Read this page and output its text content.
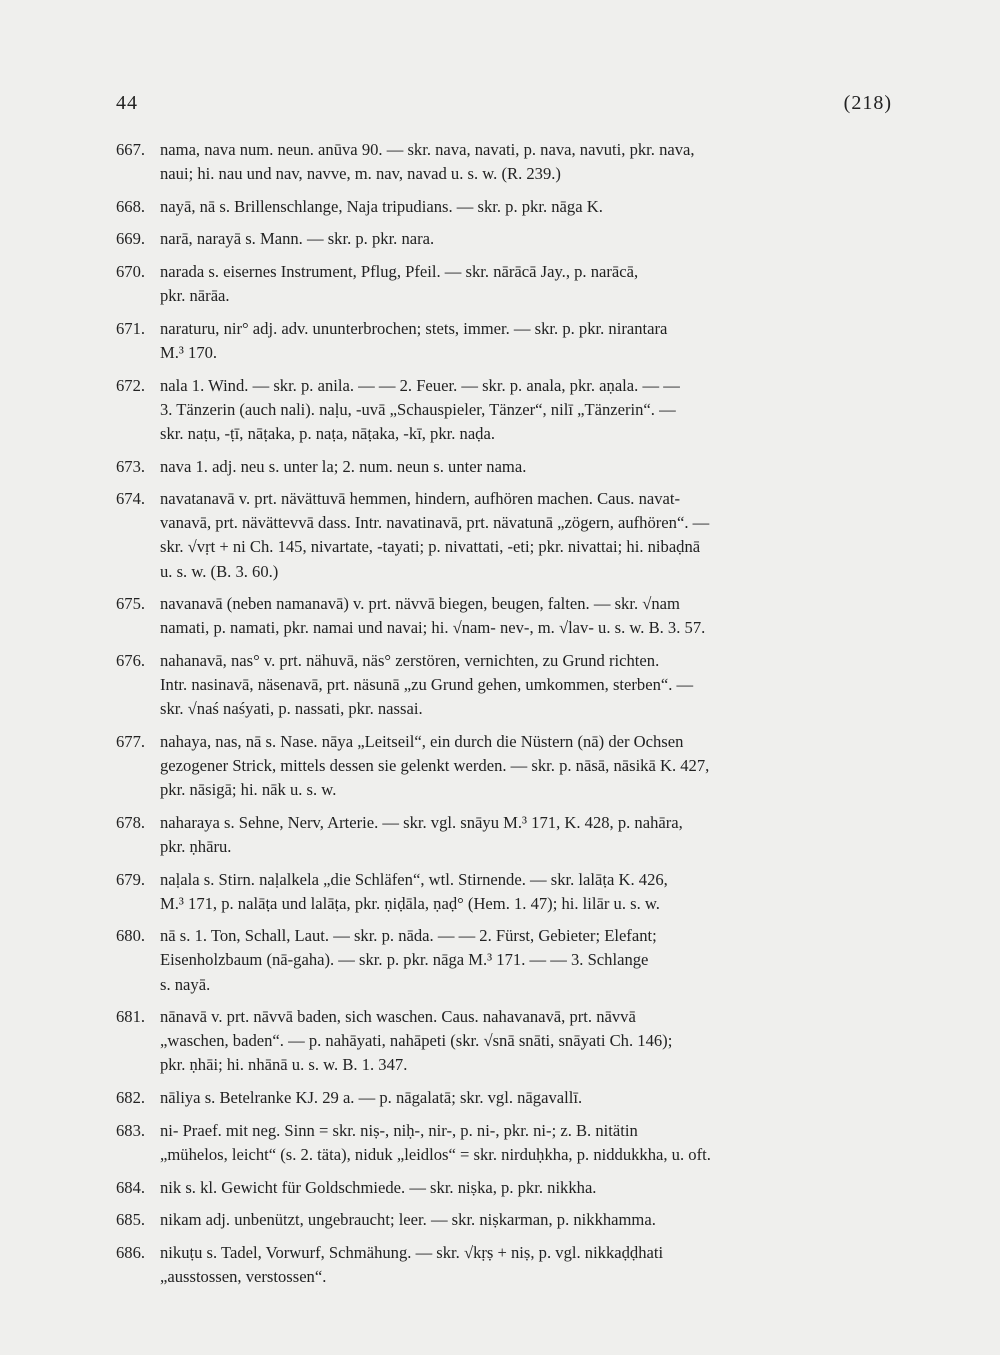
44	(218)
667. nama, nava num. neun. anūva 90. — skr. nava, navati, p. nava, navuti, pkr. nava,
naui; hi. nau und nav, navve, m. nav, navad u. s. w. (R. 239.)
668. nayā, nā s. Brillenschlange, Naja tripudians. — skr. p. pkr. nāga K.
669. narā, narayā s. Mann. — skr. p. pkr. nara.
670. narada s. eisernes Instrument, Pflug, Pfeil. — skr. nārācā Jay., p. narācā,
pkr. nārāa.
671. naraturu, nir° adj. adv. ununterbrochen; stets, immer. — skr. p. pkr. nirantara
M.³ 170.
672. nala 1. Wind. — skr. p. anila. — — 2. Feuer. — skr. p. anala, pkr. aṇala. — —
3. Tänzerin (auch nali). naḷu, -uvā „Schauspieler, Tänzer“, nilī „Tänzerin“. —
skr. naṭu, -ṭī, nāṭaka, p. naṭa, nāṭaka, -kī, pkr. naḍa.
673. nava 1. adj. neu s. unter la; 2. num. neun s. unter nama.
674. navatanavā v. prt. nävättuvā hemmen, hindern, aufhören machen. Caus. navat-
vanavā, prt. nävättevvā dass. Intr. navatinavā, prt. nävatunā „zögern, aufhören“. —
skr. √vṛt + ni Ch. 145, nivartate, -tayati; p. nivattati, -eti; pkr. nivattai; hi. nibaḍnā
u. s. w. (B. 3. 60.)
675. navanavā (neben namanavā) v. prt. nävvā biegen, beugen, falten. — skr. √nam
namati, p. namati, pkr. namai und navai; hi. √nam- nev-, m. √lav- u. s. w. B. 3. 57.
676. nahanavā, nas° v. prt. nähuvā, näs° zerstören, vernichten, zu Grund richten.
Intr. nasinavā, näsenavā, prt. näsunā „zu Grund gehen, umkommen, sterben“. —
skr. √naś naśyati, p. nassati, pkr. nassai.
677. nahaya, nas, nā s. Nase. nāya „Leitseil“, ein durch die Nüstern (nā) der Ochsen
gezogener Strick, mittels dessen sie gelenkt werden. — skr. p. nāsā, nāsikā K. 427,
pkr. nāsigā; hi. nāk u. s. w.
678. naharaya s. Sehne, Nerv, Arterie. — skr. vgl. snāyu M.³ 171, K. 428, p. nahāra,
pkr. ṇhāru.
679. naḷala s. Stirn. naḷalkela „die Schläfen“, wtl. Stirnende. — skr. lalāṭa K. 426,
M.³ 171, p. nalāṭa und lalāṭa, pkr. ṇiḍāla, ṇaḍ° (Hem. 1. 47); hi. lilār u. s. w.
680. nā s. 1. Ton, Schall, Laut. — skr. p. nāda. — — 2. Fürst, Gebieter; Elefant;
Eisenholzbaum (nā-gaha). — skr. p. pkr. nāga M.³ 171. — — 3. Schlange
s. nayā.
681. nānavā v. prt. nāvvā baden, sich waschen. Caus. nahavanavā, prt. nāvvā
„waschen, baden“. — p. nahāyati, nahāpeti (skr. √snā snāti, snāyati Ch. 146);
pkr. ṇhāi; hi. nhānā u. s. w. B. 1. 347.
682. nāliya s. Betelranke KJ. 29 a. — p. nāgalatā; skr. vgl. nāgavallī.
683. ni- Praef. mit neg. Sinn = skr. niṣ-, niḥ-, nir-, p. ni-, pkr. ni-; z. B. nitätin
„mühelos, leicht“ (s. 2. täta), niduk „leidlos“ = skr. nirduḥkha, p. niddukkha, u. oft.
684. nik s. kl. Gewicht für Goldschmiede. — skr. niṣka, p. pkr. nikkha.
685. nikam adj. unbenützt, ungebraucht; leer. — skr. niṣkarman, p. nikkhamma.
686. nikuṭu s. Tadel, Vorwurf, Schmähung. — skr. √kṛṣ + niṣ, p. vgl. nikkaḍḍhati
„ausstossen, verstossen“.
